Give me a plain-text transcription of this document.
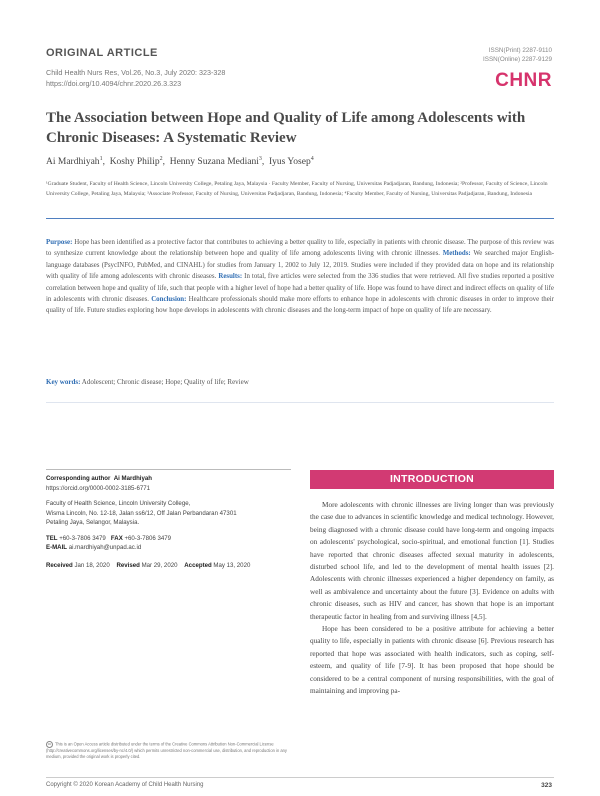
ORIGINAL ARTICLE
Child Health Nurs Res, Vol.26, No.3, July 2020: 323-328
https://doi.org/10.4094/chnr.2020.26.3.323
ISSN(Print) 2287-9110
ISSN(Online) 2287-9129
CHNR
The Association between Hope and Quality of Life among Adolescents with Chronic Diseases: A Systematic Review
Ai Mardhiyah$^1$,  Koshy Philip$^2$,  Henny Suzana Mediani$^3$,  Iyus Yosep$^4$
¹Graduate Student, Faculty of Health Science, Lincoln University College, Petaling Jaya, Malaysia · Faculty Member, Faculty of Nursing, Universitas Padjadjaran, Bandung, Indonesia; ²Professor, Faculty of Science, Lincoln University College, Petaling Jaya, Malaysia; ³Associate Professor, Faculty of Nursing, Universitas Padjadjaran, Bandung, Indonesia; ⁴Faculty Member, Faculty of Nursing, Universitas Padjadjaran, Bandung, Indonesia
Purpose: Hope has been identified as a protective factor that contributes to achieving a better quality to life, especially in patients with chronic disease. The purpose of this review was to synthesize current knowledge about the relationship between hope and quality of life among adolescents living with chronic illnesses. Methods: We searched major English-language databases (PsycINFO, PubMed, and CINAHL) for studies from January 1, 2002 to July 12, 2019. Studies were included if they provided data on hope and its relationship with quality of life among adolescents with chronic diseases. Results: In total, five articles were selected from the 336 studies that were retrieved. All five studies reported a positive correlation between hope and quality of life, such that people with a higher level of hope had a better quality of life. Hope was found to have direct and indirect effects on quality of life in adolescents with chronic diseases. Conclusion: Healthcare professionals should make more efforts to enhance hope in adolescents with chronic diseases in order to improve their quality of life. Future studies exploring how hope develops in adolescents with chronic diseases and the long-term impact of hope on quality of life are necessary.
Key words: Adolescent; Chronic disease; Hope; Quality of life; Review
Corresponding author Ai Mardhiyah
https://orcid.org/0000-0002-3185-6771
Faculty of Health Science, Lincoln University College,
Wisma Lincoln, No. 12-18, Jalan ss6/12, Off Jalan Perbandaran 47301
Petaling Jaya, Selangor, Malaysia.
TEL +60-3-7806 3479 FAX +60-3-7806 3479
E-MAIL ai.mardhiyah@unpad.ac.id
Received Jan 18, 2020 Revised Mar 29, 2020 Accepted May 13, 2020
cc This is an Open Access article distributed under the terms of the Creative Commons Attribution Non-Commercial License (http://creativecommons.org/licenses/by-nc/4.0/) which permits unrestricted non-commercial use, distribution, and reproduction in any medium, provided the original work is properly cited.
INTRODUCTION

More adolescents with chronic illnesses are living longer than was previously the case due to advances in scientific knowledge and medical technology. However, being diagnosed with a chronic disease could have long-term and ongoing impacts on adolescents' psychological, socio-spiritual, and emotional function [1]. Studies have reported that chronic diseases affected sexual maturity in adolescents, disturbed school life, and led to the development of mental health issues [2]. Adolescents with chronic illnesses experienced a higher dependency on family, as well as ambivalence and uncertainty about the future [3]. Evidence on adults with chronic diseases, such as HIV and cancer, has shown that hope is an important therapeutic factor in healing from and surviving illness [4,5].

Hope has been considered to be a positive attribute for achieving a better quality to life, especially in patients with chronic disease [6]. Previous research has reported that hope was associated with health indicators, such as coping, self-esteem, and quality of life [7-9]. It has been proposed that hope should be considered to be a central component of nursing responsibilities, with the goal of maintaining and improving pa-

Copyright © 2020 Korean Academy of Child Health Nursing	323
